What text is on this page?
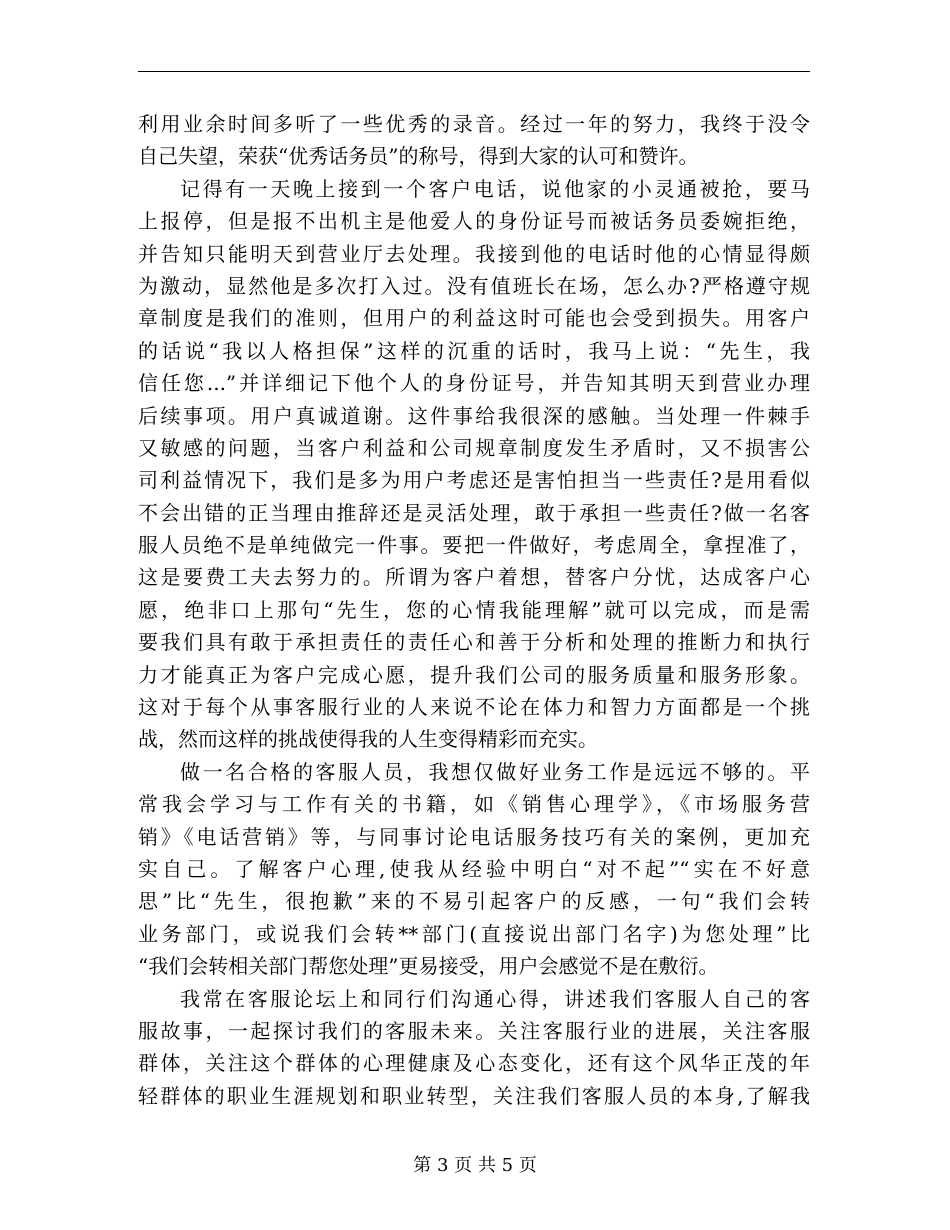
利用业余时间多听了一些优秀的录音。经过一年的努力，我终于没令
自己失望，荣获“优秀话务员”的称号，得到大家的认可和赞许。
记得有一天晚上接到一个客户电话，说他家的小灵通被抢，要马
上报停，但是报不出机主是他爱人的身份证号而被话务员委婉拒绝，
并告知只能明天到营业厅去处理。我接到他的电话时他的心情显得颇
为激动，显然他是多次打入过。没有值班长在场，怎么办?严格遵守规
章制度是我们的准则，但用户的利益这时可能也会受到损失。用客户
的话说“我以人格担保”这样的沉重的话时，我马上说：“先生，我
信任您...”并详细记下他个人的身份证号，并告知其明天到营业办理
后续事项。用户真诚道谢。这件事给我很深的感触。当处理一件棘手
又敏感的问题，当客户利益和公司规章制度发生矛盾时，又不损害公
司利益情况下，我们是多为用户考虑还是害怕担当一些责任?是用看似
不会出错的正当理由推辞还是灵活处理，敢于承担一些责任?做一名客
服人员绝不是单纯做完一件事。要把一件做好，考虑周全，拿捏准了，
这是要费工夫去努力的。所谓为客户着想，替客户分忧，达成客户心
愿，绝非口上那句“先生，您的心情我能理解”就可以完成，而是需
要我们具有敢于承担责任的责任心和善于分析和处理的推断力和执行
力才能真正为客户完成心愿，提升我们公司的服务质量和服务形象。
这对于每个从事客服行业的人来说不论在体力和智力方面都是一个挑
战，然而这样的挑战使得我的人生变得精彩而充实。
做一名合格的客服人员，我想仅做好业务工作是远远不够的。平
常我会学习与工作有关的书籍，如《销售心理学》，《市场服务营
销》《电话营销》等，与同事讨论电话服务技巧有关的案例，更加充
实自己。了解客户心理,使我从经验中明白“对不起”“实在不好意
思”比“先生，很抱歉”来的不易引起客户的反感，一句“我们会转
业务部门，或说我们会转**部门(直接说出部门名字)为您处理”比
“我们会转相关部门帮您处理”更易接受，用户会感觉不是在敷衍。
我常在客服论坛上和同行们沟通心得，讲述我们客服人自己的客
服故事，一起探讨我们的客服未来。关注客服行业的进展，关注客服
群体，关注这个群体的心理健康及心态变化，还有这个风华正茂的年
轻群体的职业生涯规划和职业转型，关注我们客服人员的本身,了解我
第 3 页 共 5 页
